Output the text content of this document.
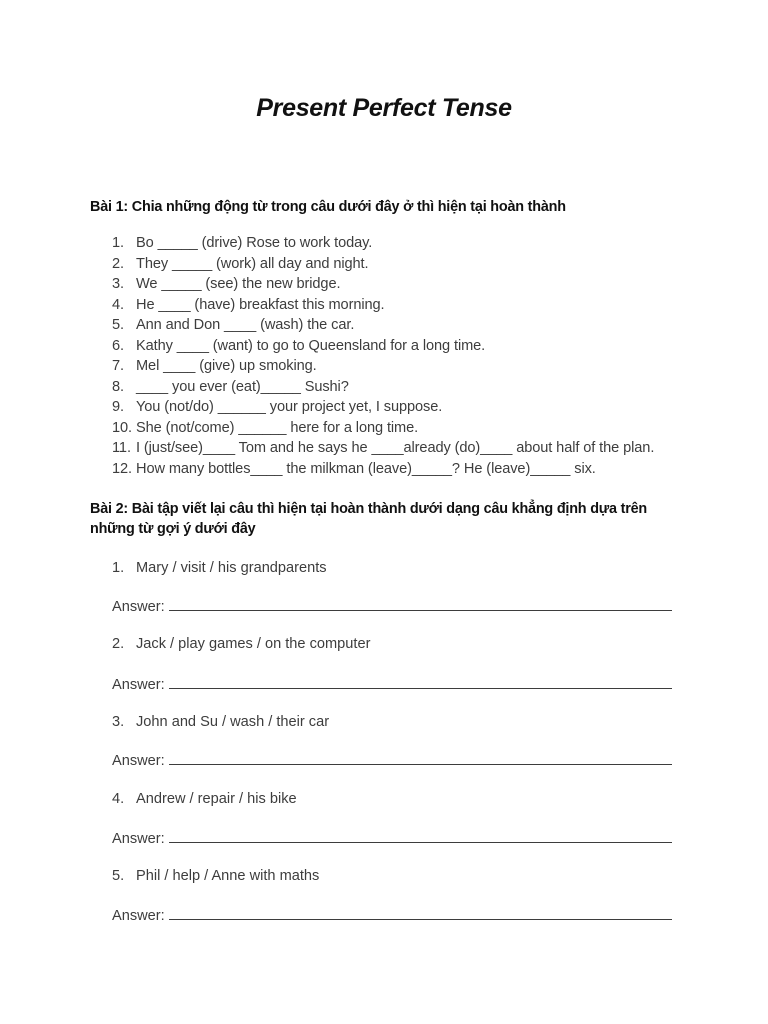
Present Perfect Tense
Bài 1: Chia những động từ trong câu dưới đây ở thì hiện tại hoàn thành
1. Bo _____ (drive) Rose to work today.
2. They _____ (work) all day and night.
3. We _____ (see) the new bridge.
4. He ____ (have) breakfast this morning.
5. Ann and Don ____ (wash) the car.
6. Kathy ____ (want) to go to Queensland for a long time.
7. Mel ____ (give) up smoking.
8. ____ you ever (eat)_____ Sushi?
9. You (not/do) ______ your project yet, I suppose.
10. She (not/come) ______ here for a long time.
11. I (just/see)____ Tom and he says he ____already (do)____ about half of the plan.
12. How many bottles____ the milkman (leave)_____? He (leave)_____ six.
Bài 2: Bài tập viết lại câu thì hiện tại hoàn thành dưới dạng câu khẳng định dựa trên những từ gợi ý dưới đây
1. Mary / visit / his grandparents
Answer:
2. Jack / play games / on the computer
Answer:
3. John and Su / wash / their car
Answer:
4. Andrew / repair / his bike
Answer:
5. Phil / help / Anne with maths
Answer:
